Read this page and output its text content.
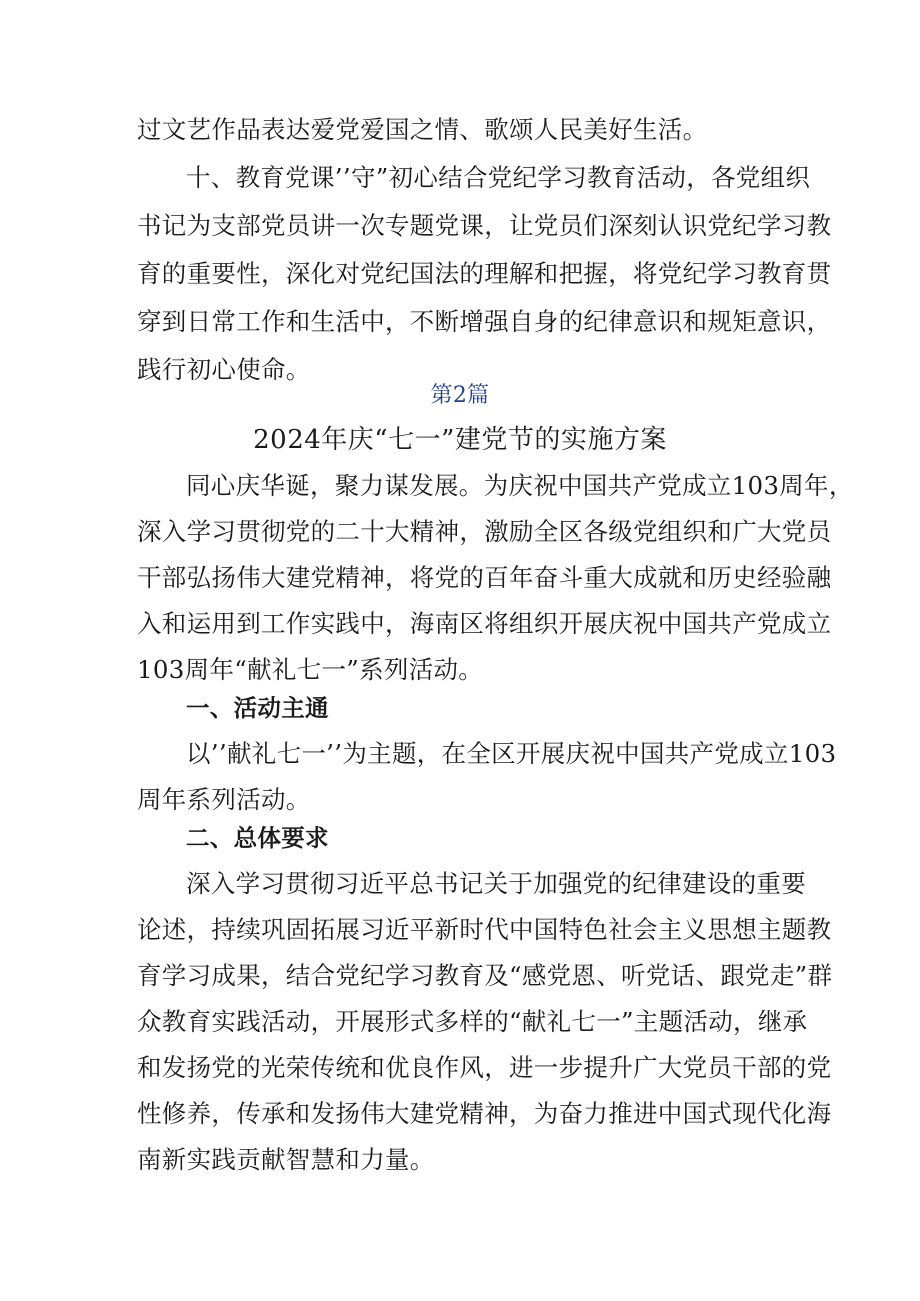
过文艺作品表达爱党爱国之情、歌颂人民美好生活。
十、教育党课’’守”初心结合党纪学习教育活动，各党组织
书记为支部党员讲一次专题党课，让党员们深刻认识党纪学习教
育的重要性，深化对党纪国法的理解和把握，将党纪学习教育贯
穿到日常工作和生活中，不断增强自身的纪律意识和规矩意识，
践行初心使命。
第2篇
2024年庆“七一”建党节的实施方案
同心庆华诞，聚力谋发展。为庆祝中国共产党成立103周年，
深入学习贯彻党的二十大精神，激励全区各级党组织和广大党员
干部弘扬伟大建党精神，将党的百年奋斗重大成就和历史经验融
入和运用到工作实践中，海南区将组织开展庆祝中国共产党成立
103周年“献礼七一”系列活动。
一、活动主通
以’’献礼七一’’为主题，在全区开展庆祝中国共产党成立103
周年系列活动。
二、总体要求
深入学习贯彻习近平总书记关于加强党的纪律建设的重要
论述，持续巩固拓展习近平新时代中国特色社会主义思想主题教
育学习成果，结合党纪学习教育及“感党恩、听党话、跟党走”群
众教育实践活动，开展形式多样的“献礼七一”主题活动，继承
和发扬党的光荣传统和优良作风，进一步提升广大党员干部的党
性修养，传承和发扬伟大建党精神，为奋力推进中国式现代化海
南新实践贡献智慧和力量。
